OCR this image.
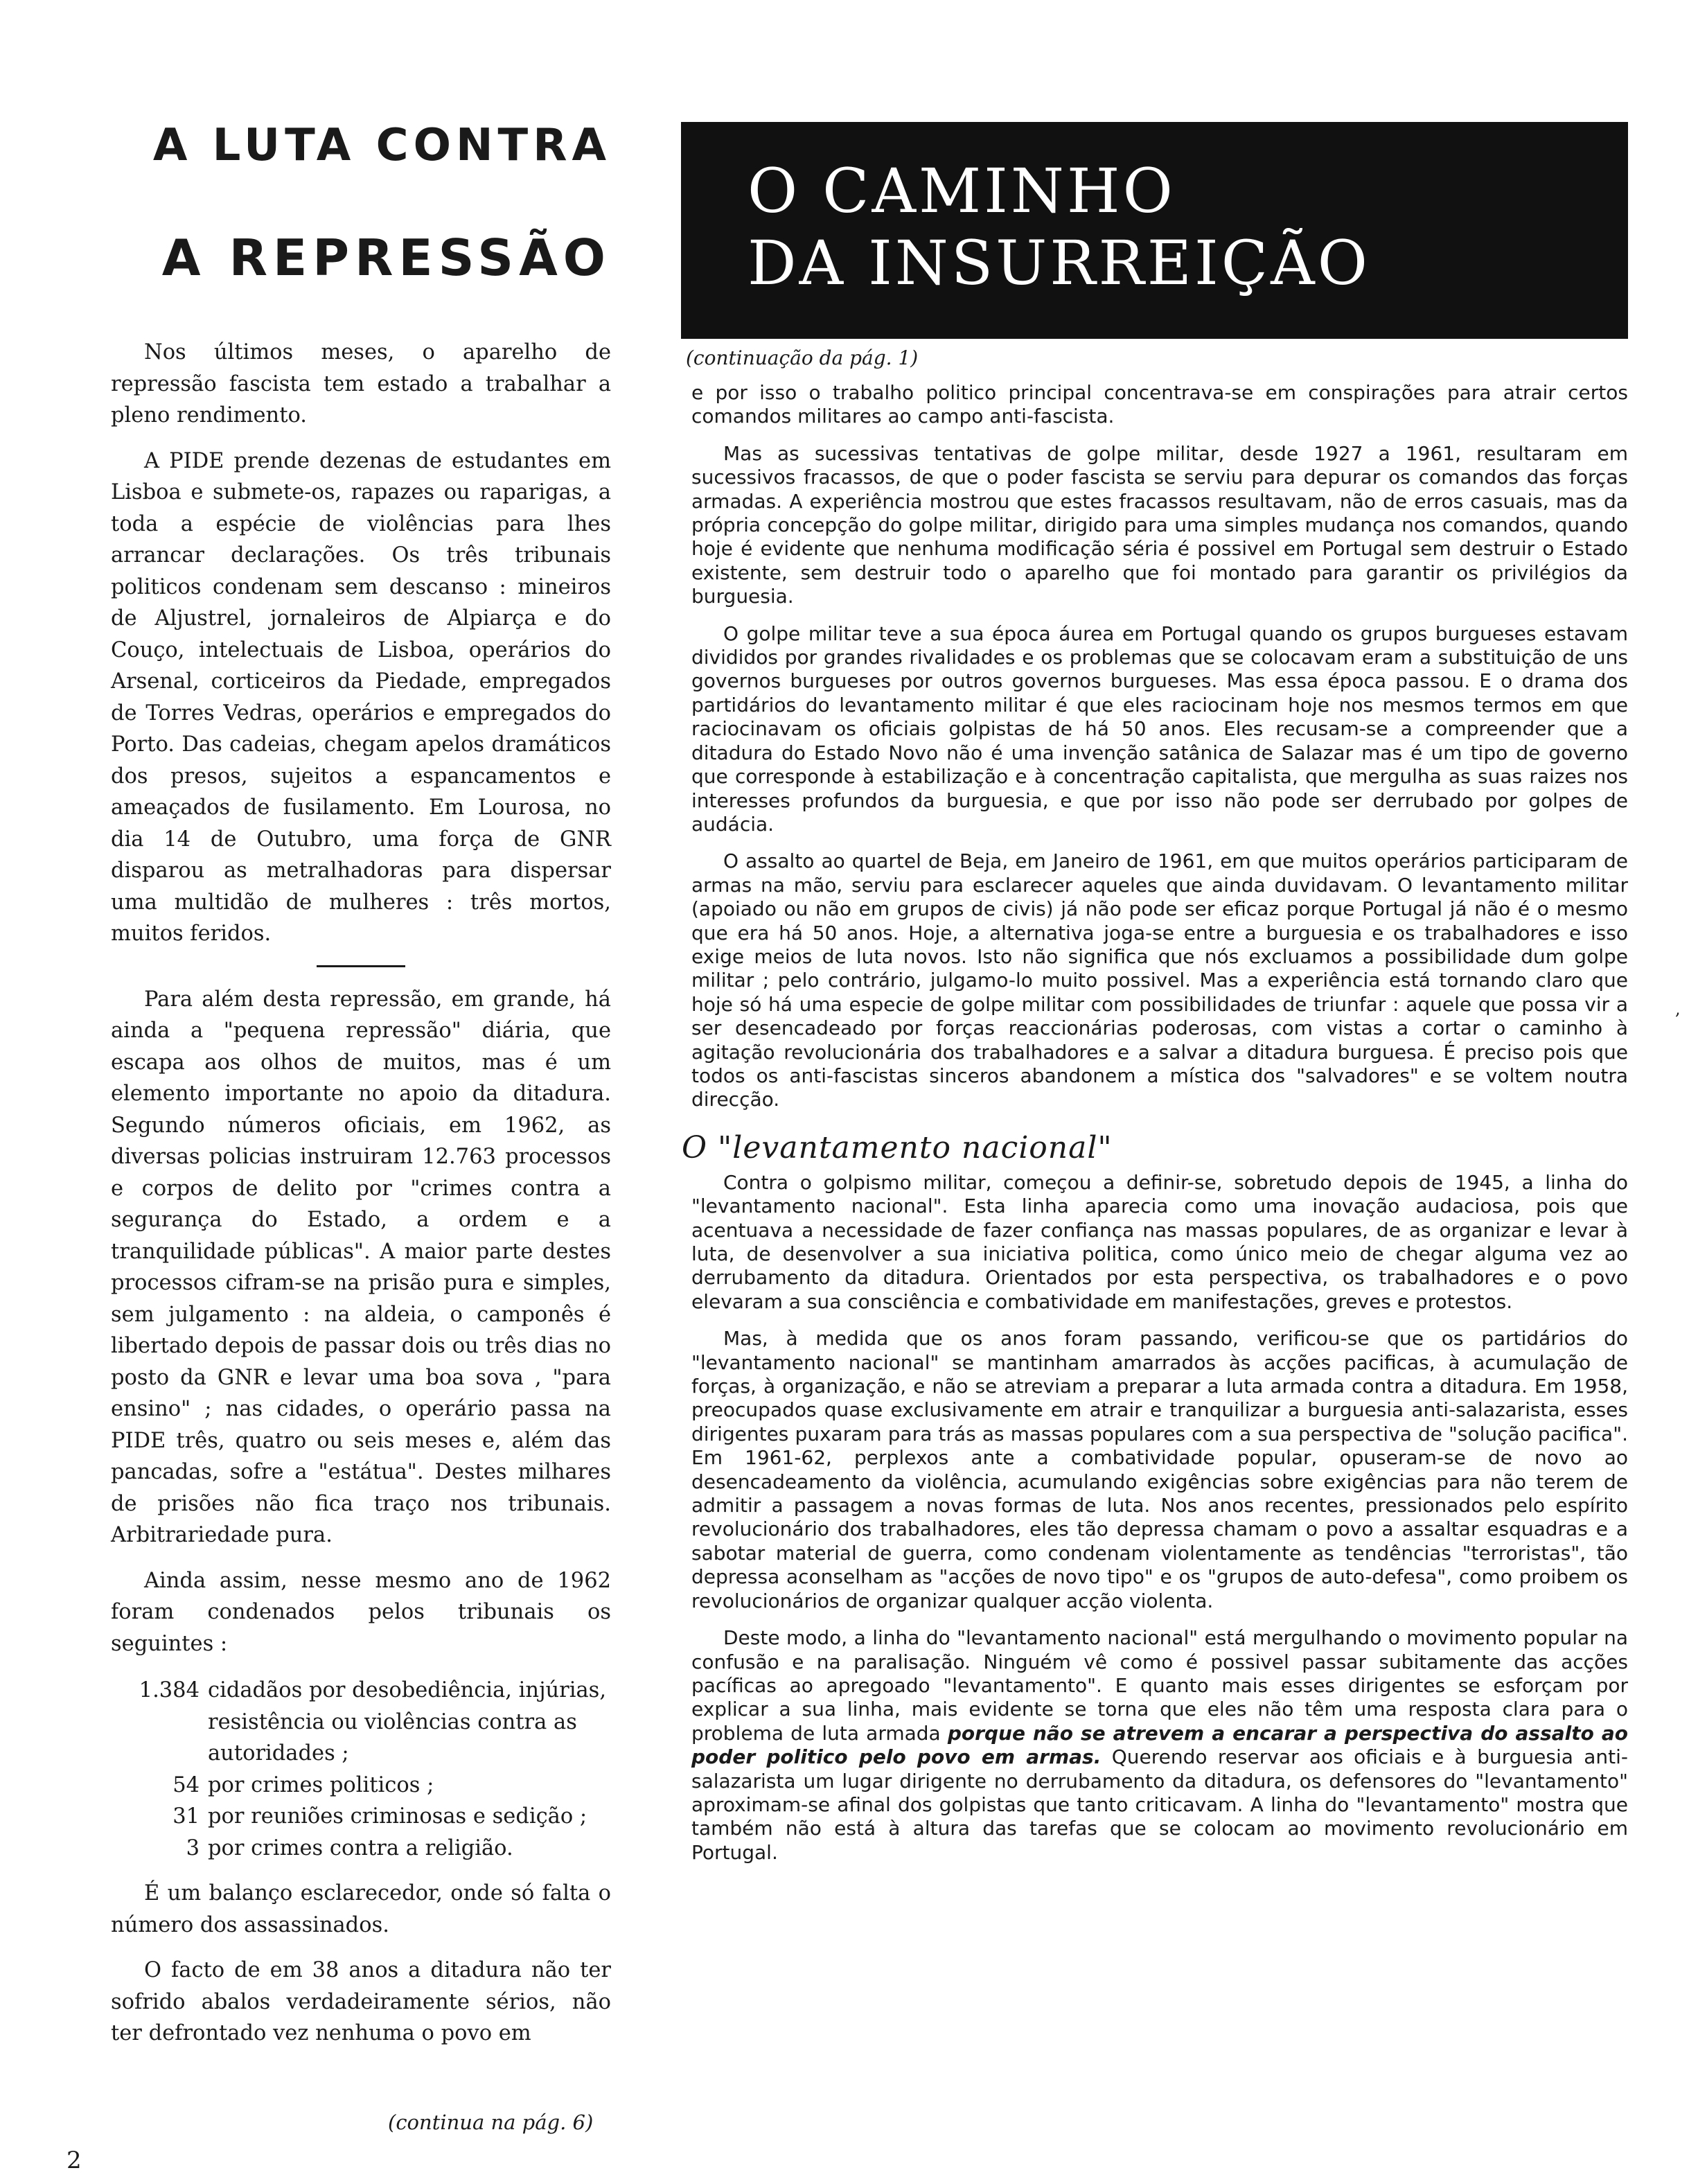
A LUTA CONTRA
A REPRESSÃO

Nos últimos meses, o aparelho de repressão fascista tem estado a trabalhar a pleno rendimento.

A PIDE prende dezenas de estudantes em Lisboa e submete-os, rapazes ou raparigas, a toda a espécie de violências para lhes arrancar declarações. Os três tribunais politicos condenam sem descanso : mineiros de Aljustrel, jornaleiros de Alpiarça e do Couço, intelectuais de Lisboa, operários do Arsenal, corticeiros da Piedade, empregados de Torres Vedras, operários e empregados do Porto. Das cadeias, chegam apelos dramáticos dos presos, sujeitos a espancamentos e ameaçados de fusilamento. Em Lourosa, no dia 14 de Outubro, uma força de GNR disparou as metralhadoras para dispersar uma multidão de mulheres : três mortos, muitos feridos.

Para além desta repressão, em grande, há ainda a "pequena repressão" diária, que escapa aos olhos de muitos, mas é um elemento importante no apoio da ditadura. Segundo números oficiais, em 1962, as diversas policias instruiram 12.763 processos e corpos de delito por "crimes contra a segurança do Estado, a ordem e a tranquilidade públicas". A maior parte destes processos cifram-se na prisão pura e simples, sem julgamento : na aldeia, o camponês é libertado depois de passar dois ou três dias no posto da GNR e levar uma boa sova , "para ensino" ; nas cidades, o operário passa na PIDE três, quatro ou seis meses e, além das pancadas, sofre a "estátua". Destes milhares de prisões não fica traço nos tribunais. Arbitrariedade pura.

Ainda assim, nesse mesmo ano de 1962 foram condenados pelos tribunais os seguintes :

1.384 cidadãos por desobediência, injúrias, resistência ou violências contra as autoridades ;
54 por crimes politicos ;
31 por reuniões criminosas e sedição ;
3 por crimes contra a religião.

É um balanço esclarecedor, onde só falta o número dos assassinados.

O facto de em 38 anos a ditadura não ter sofrido abalos verdadeiramente sérios, não ter defrontado vez nenhuma o povo em

(continua na pág. 6)
2
O CAMINHO
DA INSURREIÇÃO
(continuação da pág. 1)

e por isso o trabalho politico principal concentrava-se em conspirações para atrair certos comandos militares ao campo anti-fascista.

Mas as sucessivas tentativas de golpe militar, desde 1927 a 1961, resultaram em sucessivos fracassos, de que o poder fascista se serviu para depurar os comandos das forças armadas. A experiência mostrou que estes fracassos resultavam, não de erros casuais, mas da própria concepção do golpe militar, dirigido para uma simples mudança nos comandos, quando hoje é evidente que nenhuma modificação séria é possivel em Portugal sem destruir o Estado existente, sem destruir todo o aparelho que foi montado para garantir os privilégios da burguesia.

O golpe militar teve a sua época áurea em Portugal quando os grupos burgueses estavam divididos por grandes rivalidades e os problemas que se colocavam eram a substituição de uns governos burgueses por outros governos burgueses. Mas essa época passou. E o drama dos partidários do levantamento militar é que eles raciocinam hoje nos mesmos termos em que raciocinavam os oficiais golpistas de há 50 anos. Eles recusam-se a compreender que a ditadura do Estado Novo não é uma invenção satânica de Salazar mas é um tipo de governo que corresponde à estabilização e à concentração capitalista, que mergulha as suas raizes nos interesses profundos da burguesia, e que por isso não pode ser derrubado por golpes de audácia.

O assalto ao quartel de Beja, em Janeiro de 1961, em que muitos operários participaram de armas na mão, serviu para esclarecer aqueles que ainda duvidavam. O levantamento militar (apoiado ou não em grupos de civis) já não pode ser eficaz porque Portugal já não é o mesmo que era há 50 anos. Hoje, a alternativa joga-se entre a burguesia e os trabalhadores e isso exige meios de luta novos. Isto não significa que nós excluamos a possibilidade dum golpe militar ; pelo contrário, julgamo-lo muito possivel. Mas a experiência está tornando claro que hoje só há uma especie de golpe militar com possibilidades de triunfar : aquele que possa vir a ser desencadeado por forças reaccionárias poderosas, com vistas a cortar o caminho à agitação revolucionária dos trabalhadores e a salvar a ditadura burguesa. É preciso pois que todos os anti-fascistas sinceros abandonem a mística dos "salvadores" e se voltem noutra direcção.

O "levantamento nacional"

Contra o golpismo militar, começou a definir-se, sobretudo depois de 1945, a linha do "levantamento nacional". Esta linha aparecia como uma inovação audaciosa, pois que acentuava a necessidade de fazer confiança nas massas populares, de as organizar e levar à luta, de desenvolver a sua iniciativa politica, como único meio de chegar alguma vez ao derrubamento da ditadura. Orientados por esta perspectiva, os trabalhadores e o povo elevaram a sua consciência e combatividade em manifestações, greves e protestos.

Mas, à medida que os anos foram passando, verificou-se que os partidários do "levantamento nacional" se mantinham amarrados às acções pacificas, à acumulação de forças, à organização, e não se atreviam a preparar a luta armada contra a ditadura. Em 1958, preocupados quase exclusivamente em atrair e tranquilizar a burguesia anti-salazarista, esses dirigentes puxaram para trás as massas populares com a sua perspectiva de "solução pacifica". Em 1961-62, perplexos ante a combatividade popular, opuseram-se de novo ao desencadeamento da violência, acumulando exigências sobre exigências para não terem de admitir a passagem a novas formas de luta. Nos anos recentes, pressionados pelo espírito revolucionário dos trabalhadores, eles tão depressa chamam o povo a assaltar esquadras e a sabotar material de guerra, como condenam violentamente as tendências "terroristas", tão depressa aconselham as "acções de novo tipo" e os "grupos de auto-defesa", como proibem os revolucionários de organizar qualquer acção violenta.

Deste modo, a linha do "levantamento nacional" está mergulhando o movimento popular na confusão e na paralisação. Ninguém vê como é possivel passar subitamente das acções pacíficas ao apregoado "levantamento". E quanto mais esses dirigentes se esforçam por explicar a sua linha, mais evidente se torna que eles não têm uma resposta clara para o problema de luta armada porque não se atrevem a encarar a perspectiva do assalto ao poder politico pelo povo em armas. Querendo reservar aos oficiais e à burguesia anti-salazarista um lugar dirigente no derrubamento da ditadura, os defensores do "levantamento" aproximam-se afinal dos golpistas que tanto criticavam. A linha do "levantamento" mostra que também não está à altura das tarefas que se colocam ao movimento revolucionário em Portugal.

,
